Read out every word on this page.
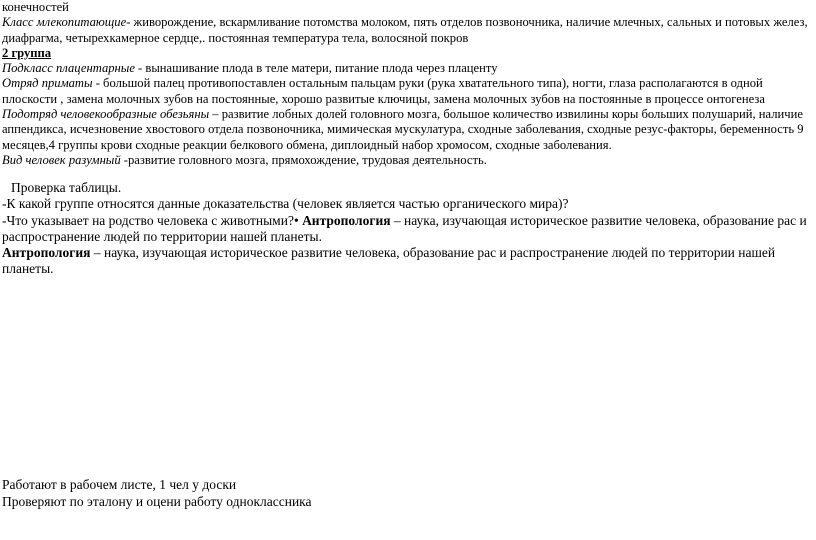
конечностей

Класс млекопитающие- живорождение, вскармливание потомства молоком, пять отделов позвоночника, наличие млечных, сальных и потовых желез, диафрагма, четырехкамерное сердце,. постоянная температура тела, волосяной покров

2 группа

Подкласс плацентарные - вынашивание плода в теле матери, питание плода через плаценту

Отряд приматы - большой палец противопоставлен остальным пальцам руки (рука хватательного типа), ногти, глаза располагаются в одной плоскости , замена молочных зубов на постоянные, хорошо развитые ключицы, замена молочных зубов на постоянные в процессе онтогенеза

Подотряд человекообразные обезьяны – развитие лобных долей головного мозга, большое количество извилины коры больших полушарий, наличие аппендикса, исчезновение хвостового отдела позвоночника, мимическая мускулатура, сходные заболевания, сходные резус-факторы, беременность 9 месяцев,4 группы крови сходные реакции белкового обмена, диплоидный набор хромосом, сходные заболевания.

Вид человек разумный -развитие головного мозга, прямохождение, трудовая деятельность.

Проверка таблицы.

-К какой группе относятся данные доказательства (человек является частью органического мира)?

-Что указывает на родство человека с животными?• Антропология – наука, изучающая историческое развитие человека, образование рас и распространение людей по территории нашей планеты.

Антропология – наука, изучающая историческое развитие человека, образование рас и распространение людей по территории нашей планеты.

Работают в рабочем листе, 1 чел у доски

Проверяют по эталону и оцени работу одноклассника
